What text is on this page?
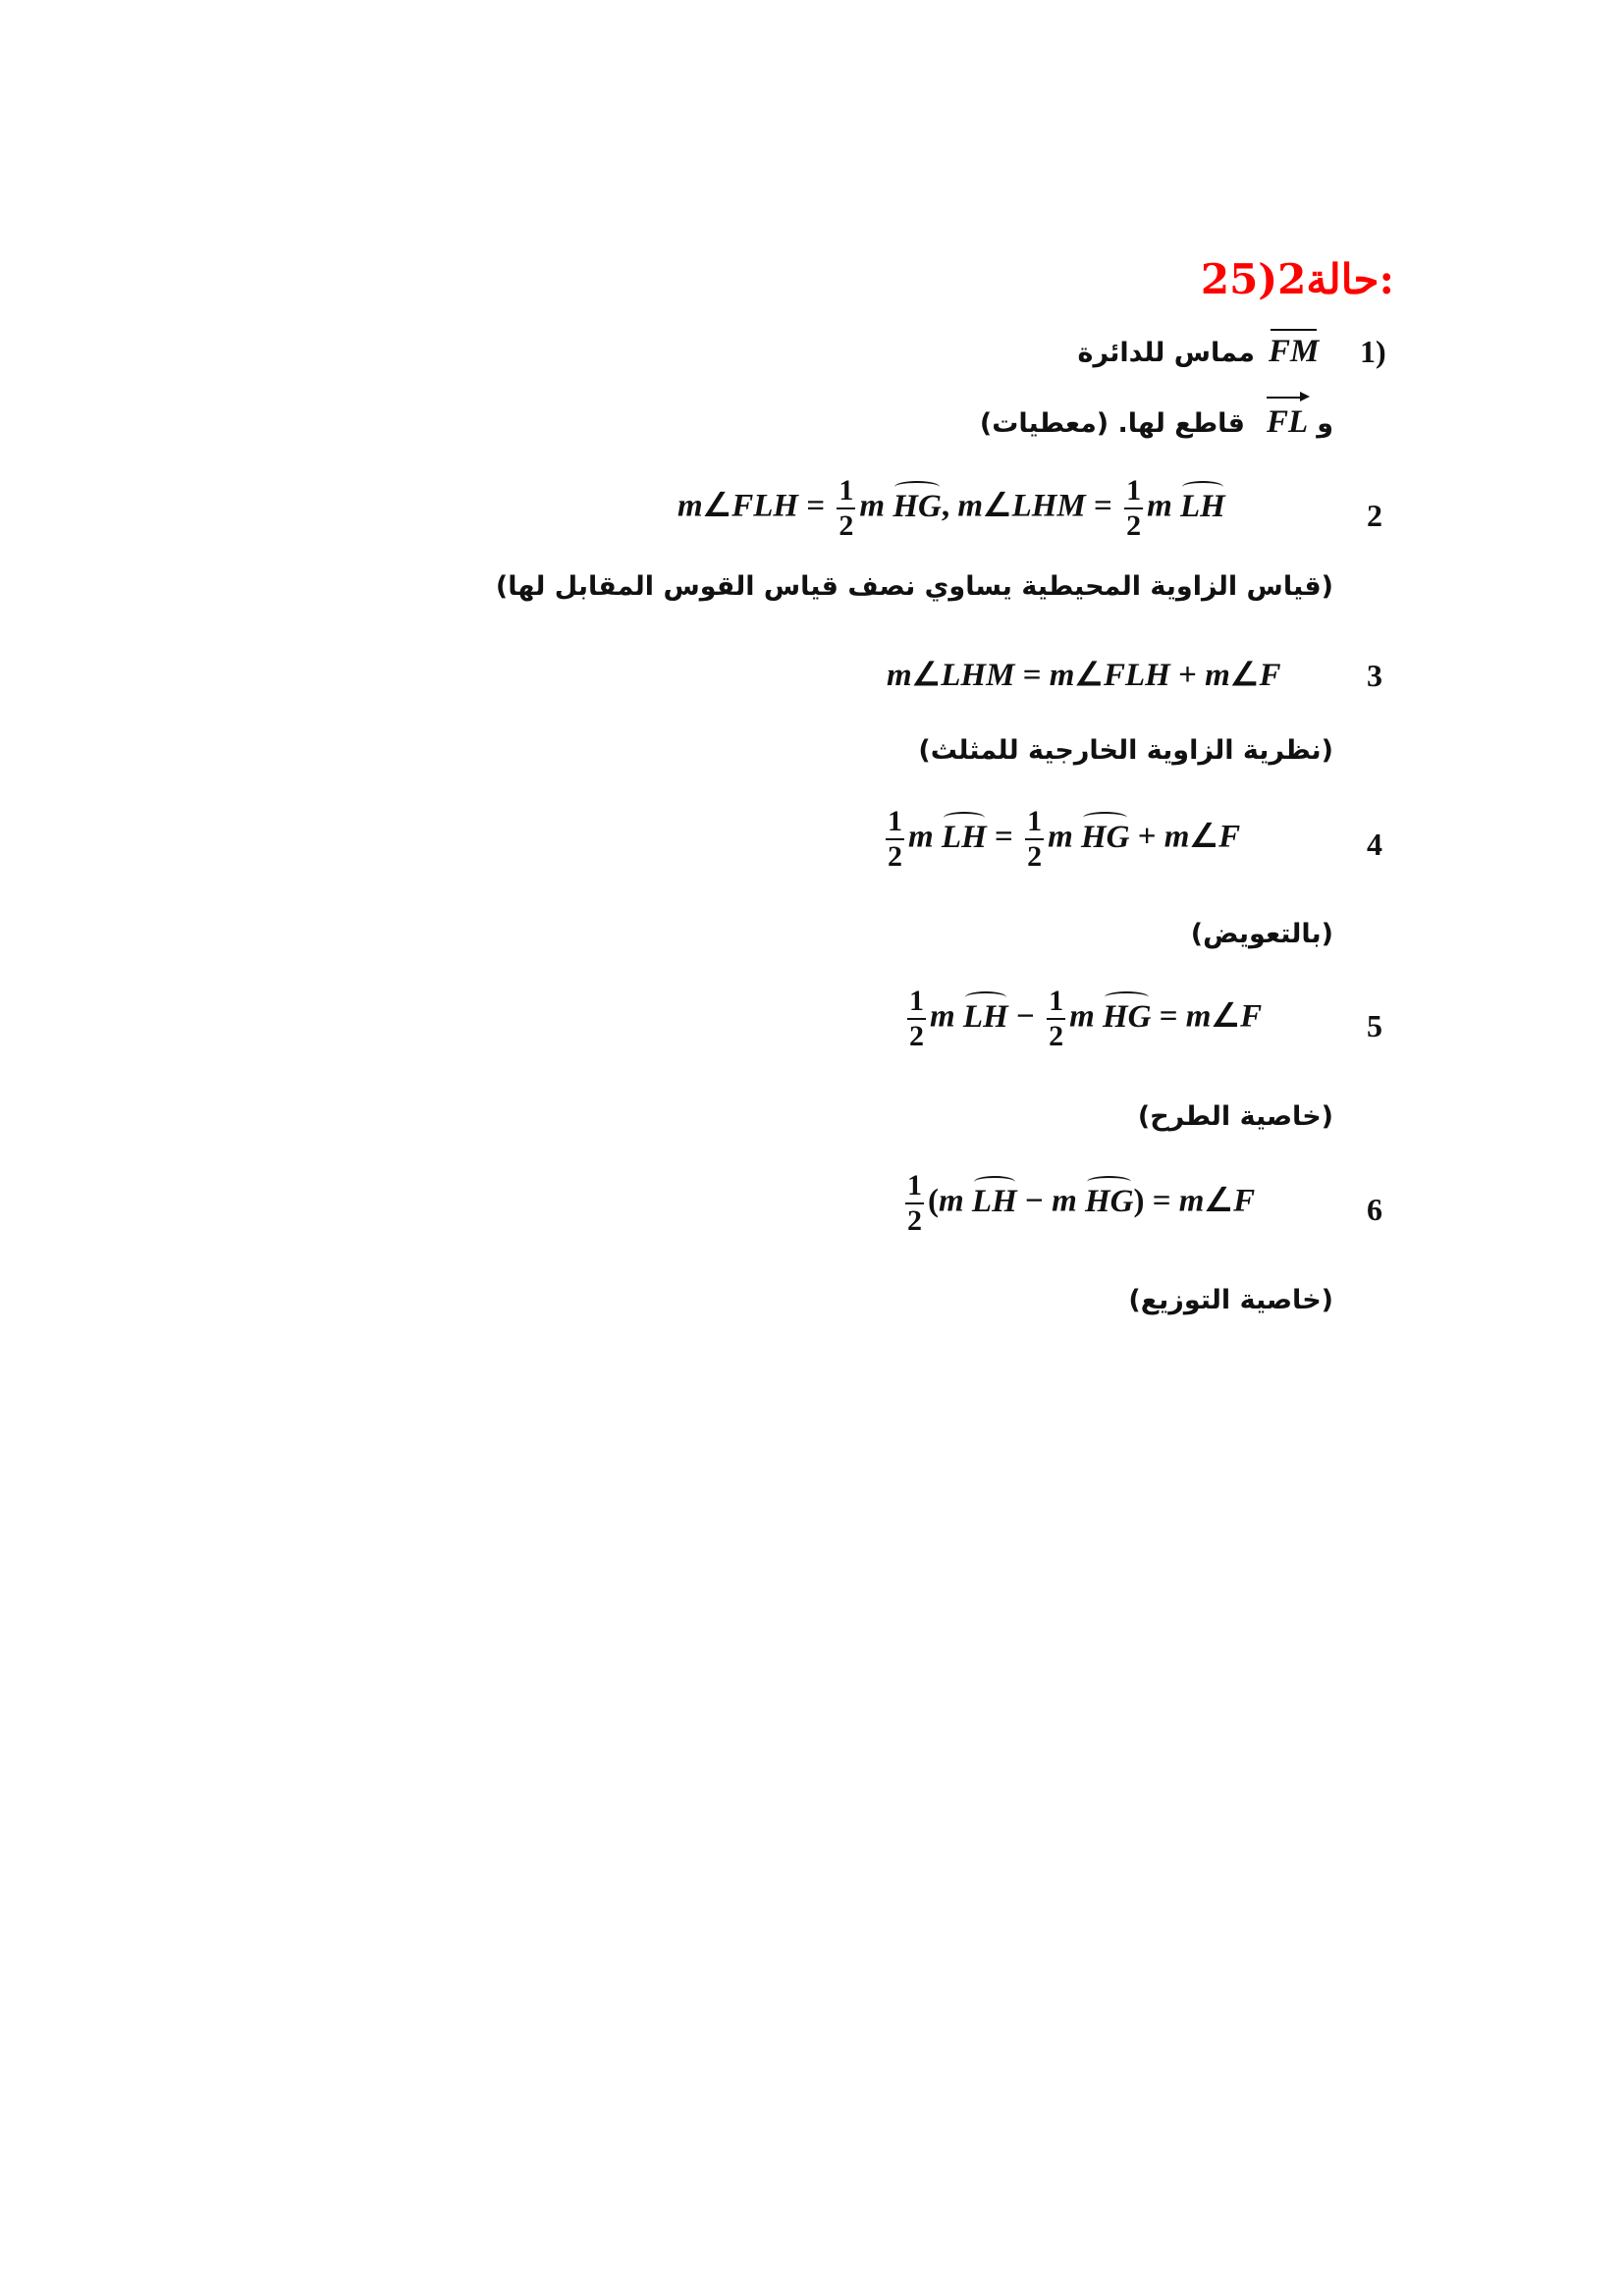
25)حالة2:
1)
FM
مماس للدائرة
و
FL
قاطع لها. (معطيات)
2
m∠FLH = $\frac{1}{2}$ m HG, m∠LHM = $\frac{1}{2}$ m LH
(قياس الزاوية المحيطية يساوي نصف قياس القوس المقابل لها)
3
m∠LHM = m∠FLH + m∠F
(نظرية الزاوية الخارجية للمثلث)
4
$\frac{1}{2}$ m LH = $\frac{1}{2}$ m HG + m∠F
(بالتعويض)
5
$\frac{1}{2}$ m LH − $\frac{1}{2}$ m HG = m∠F
(خاصية الطرح)
6
$\frac{1}{2} (m$ LH − m HG) = m∠F
(خاصية التوزيع)
